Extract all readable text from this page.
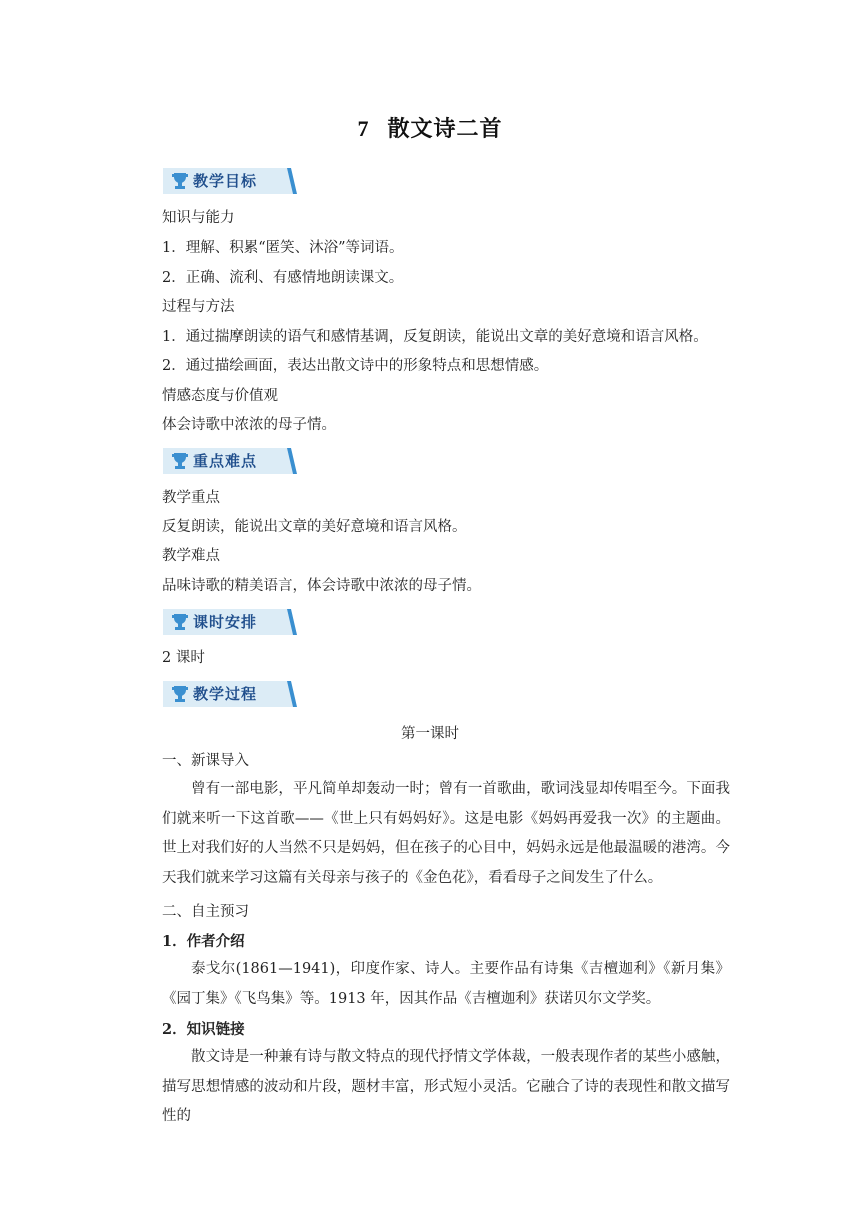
7 散文诗二首
教学目标
知识与能力
1．理解、积累“匿笑、沐浴”等词语。
2．正确、流利、有感情地朗读课文。
过程与方法
1．通过揣摩朗读的语气和感情基调，反复朗读，能说出文章的美好意境和语言风格。
2．通过描绘画面，表达出散文诗中的形象特点和思想情感。
情感态度与价值观
体会诗歌中浓浓的母子情。
重点难点
教学重点
反复朗读，能说出文章的美好意境和语言风格。
教学难点
品味诗歌的精美语言，体会诗歌中浓浓的母子情。
课时安排
2 课时
教学过程
第一课时
一、新课导入
曾有一部电影，平凡简单却轰动一时；曾有一首歌曲，歌词浅显却传唱至今。下面我们就来听一下这首歌——《世上只有妈妈好》。这是电影《妈妈再爱我一次》的主题曲。世上对我们好的人当然不只是妈妈，但在孩子的心目中，妈妈永远是他最温暖的港湾。今天我们就来学习这篇有关母亲与孩子的《金色花》，看看母子之间发生了什么。
二、自主预习
1．作者介绍
泰戈尔(1861—1941)，印度作家、诗人。主要作品有诗集《吉檀迦利》《新月集》《园丁集》《飞鸟集》等。1913 年，因其作品《吉檀迦利》获诺贝尔文学奖。
2．知识链接
散文诗是一种兼有诗与散文特点的现代抒情文学体裁，一般表现作者的某些小感触，描写思想情感的波动和片段，题材丰富，形式短小灵活。它融合了诗的表现性和散文描写性的
